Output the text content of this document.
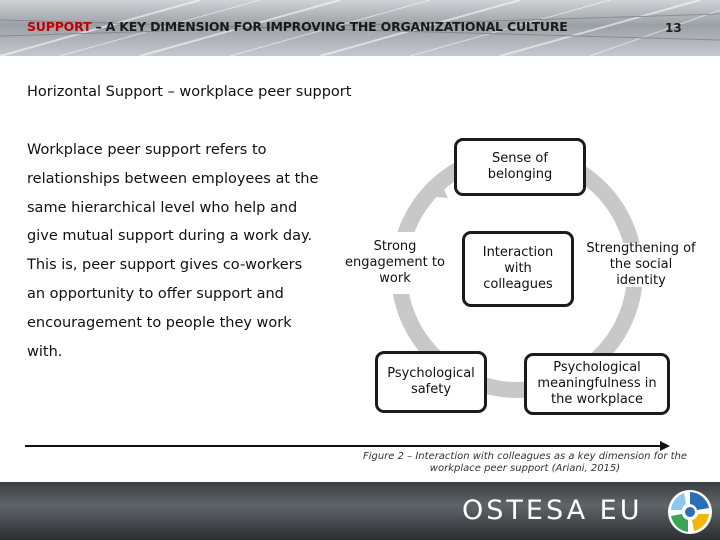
SUPPORT – A KEY DIMENSION FOR IMPROVING THE ORGANIZATIONAL CULTURE	13
Horizontal Support – workplace peer support

Workplace peer support refers to

relationships between employees at the

same hierarchical level who help and

give mutual support during a work day.

This is, peer support gives co-workers

an opportunity to offer support and

encouragement to people they work

with.

Sense of belonging
Strong engagement to work
Interaction with colleagues
Strengthening of the social identity
Psychological safety
Psychological meaningfulness in the workplace
Figure 2 – Interaction with colleagues as a key dimension for the workplace peer support (Ariani, 2015)
OSTESA EU
